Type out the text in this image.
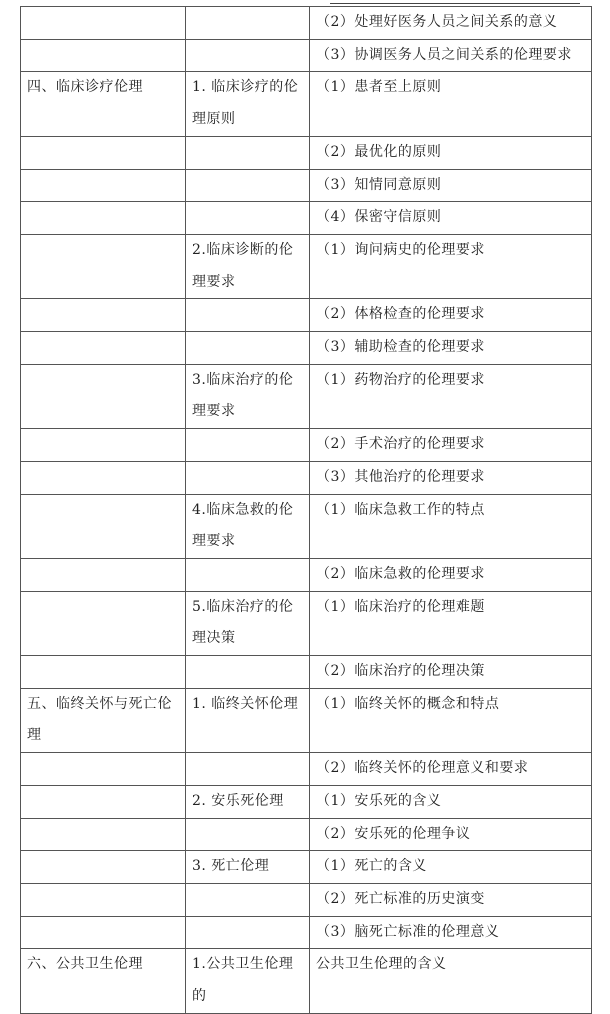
		（2）处理好医务人员之间关系的意义
		（3）协调医务人员之间关系的伦理要求
四、临床诊疗伦理	1. 临床诊疗的伦理原则	（1）患者至上原则
		（2）最优化的原则
		（3）知情同意原则
		（4）保密守信原则
	2.临床诊断的伦理要求	（1）询问病史的伦理要求
		（2）体格检查的伦理要求
		（3）辅助检查的伦理要求
	3.临床治疗的伦理要求	（1）药物治疗的伦理要求
		（2）手术治疗的伦理要求
		（3）其他治疗的伦理要求
	4.临床急救的伦理要求	（1）临床急救工作的特点
		（2）临床急救的伦理要求
	5.临床治疗的伦理决策	（1）临床治疗的伦理难题
		（2）临床治疗的伦理决策
五、临终关怀与死亡伦理	1. 临终关怀伦理	（1）临终关怀的概念和特点
		（2）临终关怀的伦理意义和要求
	2. 安乐死伦理	（1）安乐死的含义
		（2）安乐死的伦理争议
	3. 死亡伦理	（1）死亡的含义
		（2）死亡标准的历史演变
		（3）脑死亡标准的伦理意义
六、公共卫生伦理	1.公共卫生伦理的	公共卫生伦理的含义
